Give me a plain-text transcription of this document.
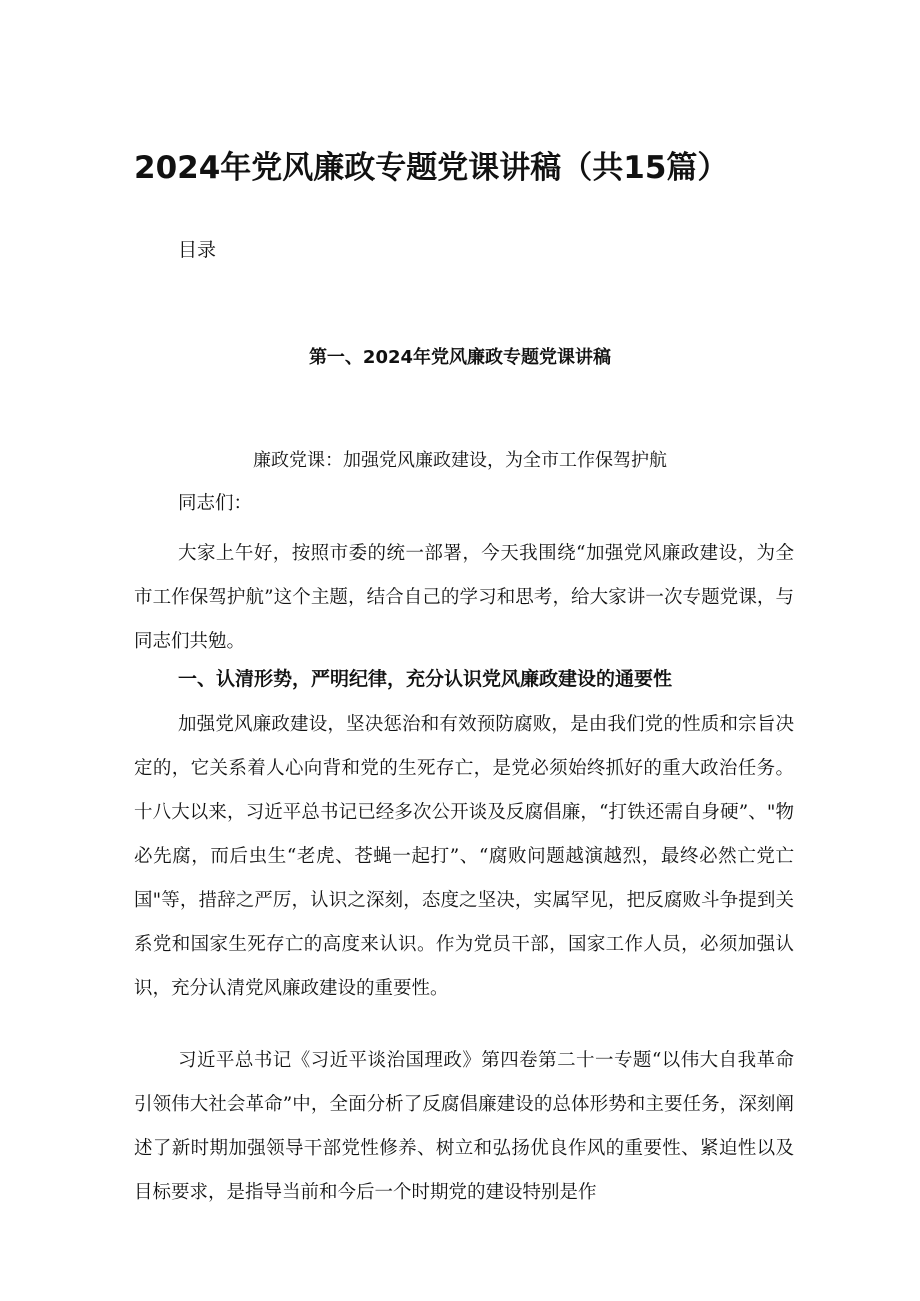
2024年党风廉政专题党课讲稿（共15篇）
目录
第一、2024年党风廉政专题党课讲稿
廉政党课：加强党风廉政建设，为全市工作保驾护航
同志们：

大家上午好，按照市委的统一部署，今天我围绕“加强党风廉政建设，为全市工作保驾护航”这个主题，结合自己的学习和思考，给大家讲一次专题党课，与同志们共勉。

一、认清形势，严明纪律，充分认识党风廉政建设的通要性

加强党风廉政建设，坚决惩治和有效预防腐败，是由我们党的性质和宗旨决定的，它关系着人心向背和党的生死存亡，是党必须始终抓好的重大政治任务。十八大以来，习近平总书记已经多次公开谈及反腐倡廉，“打铁还需自身硬”、"物必先腐，而后虫生“老虎、苍蝇一起打”、“腐败问题越演越烈，最终必然亡党亡国"等，措辞之严厉，认识之深刻，态度之坚决，实属罕见，把反腐败斗争提到关系党和国家生死存亡的高度来认识。作为党员干部，国家工作人员，必须加强认识，充分认清党风廉政建设的重要性。

习近平总书记《习近平谈治国理政》第四卷第二十一专题“以伟大自我革命引领伟大社会革命”中，全面分析了反腐倡廉建设的总体形势和主要任务，深刻阐述了新时期加强领导干部党性修养、树立和弘扬优良作风的重要性、紧迫性以及目标要求，是指导当前和今后一个时期党的建设特别是作
